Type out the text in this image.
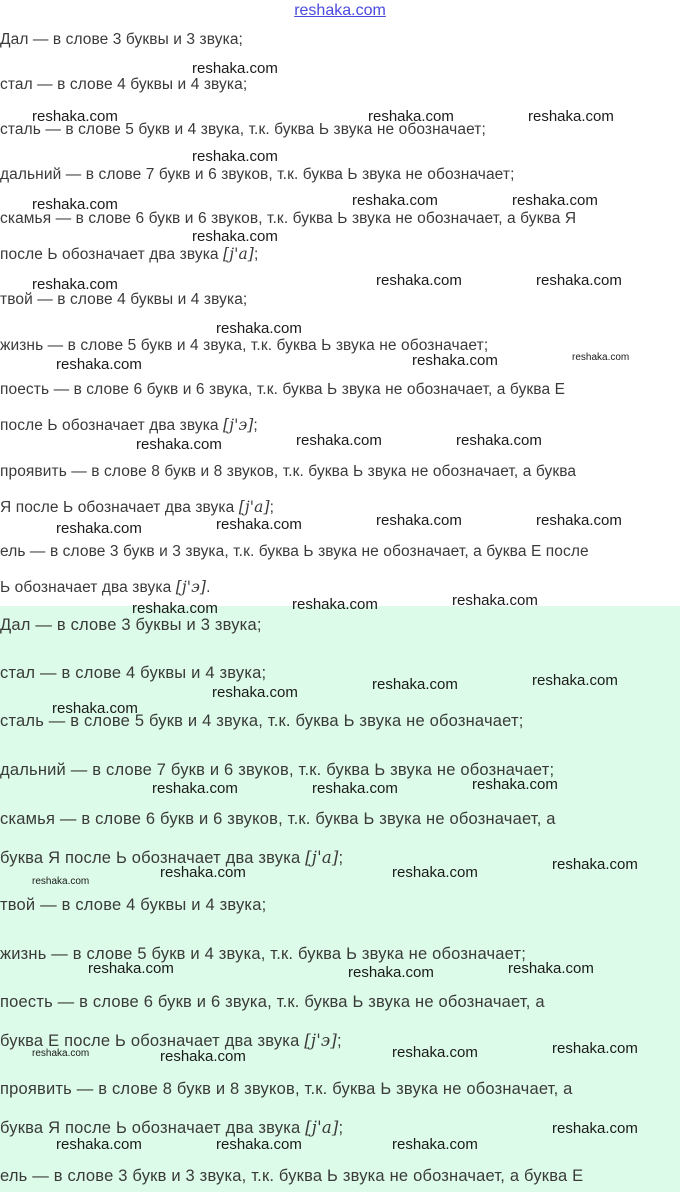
reshaka.com
Дал — в слове 3 буквы и 3 звука;
стал — в слове 4 буквы и 4 звука;
сталь — в слове 5 букв и 4 звука, т.к. буква Ь звука не обозначает;
дальний — в слове 7 букв и 6 звуков, т.к. буква Ь звука не обозначает;
скамья — в слове 6 букв и 6 звуков, т.к. буква Ь звука не обозначает, а буква Я
после Ь обозначает два звука [j'a];
твой — в слове 4 буквы и 4 звука;
жизнь — в слове 5 букв и 4 звука, т.к. буква Ь звука не обозначает;
поесть — в слове 6 букв и 6 звука, т.к. буква Ь звука не обозначает, а буква Е
после Ь обозначает два звука [j'э];
проявить — в слове 8 букв и 8 звуков, т.к. буква Ь звука не обозначает, а буква
Я после Ь обозначает два звука [j'a];
ель — в слове 3 букв и 3 звука, т.к. буква Ь звука не обозначает, а буква Е после
Ь обозначает два звука [j'э].
Дал — в слове 3 буквы и 3 звука;
стал — в слове 4 буквы и 4 звука;
сталь — в слове 5 букв и 4 звука, т.к. буква Ь звука не обозначает;
дальний — в слове 7 букв и 6 звуков, т.к. буква Ь звука не обозначает;
скамья — в слове 6 букв и 6 звуков, т.к. буква Ь звука не обозначает, а
буква Я после Ь обозначает два звука [j'a];
твой — в слове 4 буквы и 4 звука;
жизнь — в слове 5 букв и 4 звука, т.к. буква Ь звука не обозначает;
поесть — в слове 6 букв и 6 звука, т.к. буква Ь звука не обозначает, а
буква Е после Ь обозначает два звука [j'э];
проявить — в слове 8 букв и 8 звуков, т.к. буква Ь звука не обозначает, а
буква Я после Ь обозначает два звука [j'a];
ель — в слове 3 букв и 3 звука, т.к. буква Ь звука не обозначает, а буква Е
reshaka.com
reshaka.com	reshaka.com	reshaka.com
reshaka.com
reshaka.com	reshaka.com	reshaka.com
reshaka.com
reshaka.com	reshaka.com	reshaka.com
reshaka.com
reshaka.com	reshaka.com	reshaka.com
reshaka.com	reshaka.com	reshaka.com
reshaka.com	reshaka.com	reshaka.com	reshaka.com
reshaka.com	reshaka.com	reshaka.com
reshaka.com	reshaka.com	reshaka.com
reshaka.com
reshaka.com	reshaka.com	reshaka.com
reshaka.com	reshaka.com	reshaka.com
reshaka.com
reshaka.com	reshaka.com	reshaka.com
reshaka.com	reshaka.com	reshaka.com	reshaka.com
reshaka.com	reshaka.com	reshaka.com
reshaka.com
